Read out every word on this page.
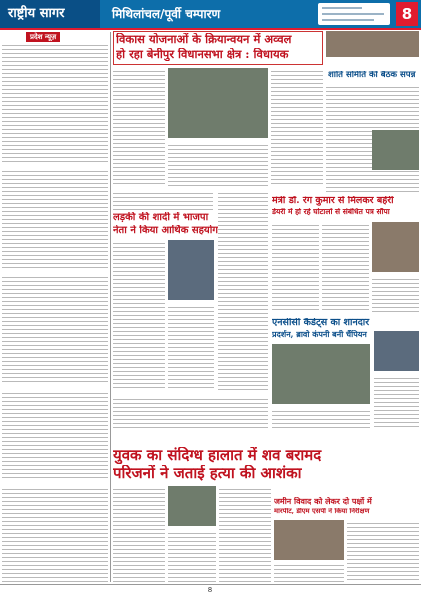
राष्ट्रीय सागर	मिथिलांचल/पूर्वी चम्पारण	8
प्रदेश न्यूज़	विकास योजनाओं के क्रियान्वयन में अव्वल
हो रहा बेनीपुर विधानसभा क्षेत्र : विधायक
शांति समिति की बैठक संपन्न
लड़की की शादी में भाजपा
नेता ने किया आर्थिक सहयोग
मंत्री डॉ. रंग कुमार से मिलकर बहेरी
डेयरी में हो रहे घोटालों से संबंधित पत्र सौंपा
एनसीसी कैडेट्स का शानदार
प्रदर्शन, ब्रावो कंपनी बनी चैंपियन
युवक का संदिग्ध हालात में शव बरामद
परिजनों ने जताई हत्या की आशंका
जमीन विवाद को लेकर दो पक्षों में
मारपीट, डीएम एसपी ने किया निरीक्षण
8
